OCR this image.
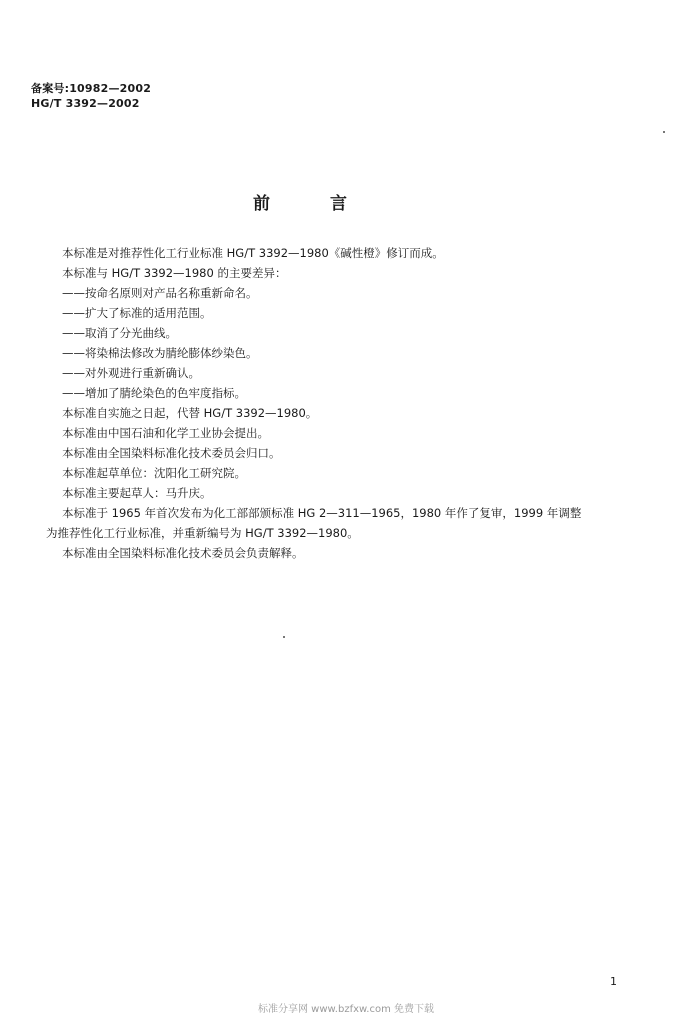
备案号:10982—2002
HG/T 3392—2002
前言
本标准是对推荐性化工行业标准 HG/T 3392—1980《碱性橙》修订而成。
本标准与 HG/T 3392—1980 的主要差异：
——按命名原则对产品名称重新命名。
——扩大了标准的适用范围。
——取消了分光曲线。
——将染棉法修改为腈纶膨体纱染色。
——对外观进行重新确认。
——增加了腈纶染色的色牢度指标。
本标准自实施之日起，代替 HG/T 3392—1980。
本标准由中国石油和化学工业协会提出。
本标准由全国染料标准化技术委员会归口。
本标准起草单位：沈阳化工研究院。
本标准主要起草人：马升庆。
本标准于 1965 年首次发布为化工部部颁标准 HG 2—311—1965，1980 年作了复审，1999 年调整
为推荐性化工行业标准，并重新编号为 HG/T 3392—1980。
本标准由全国染料标准化技术委员会负责解释。
1
标准分享网 www.bzfxw.com 免费下载
